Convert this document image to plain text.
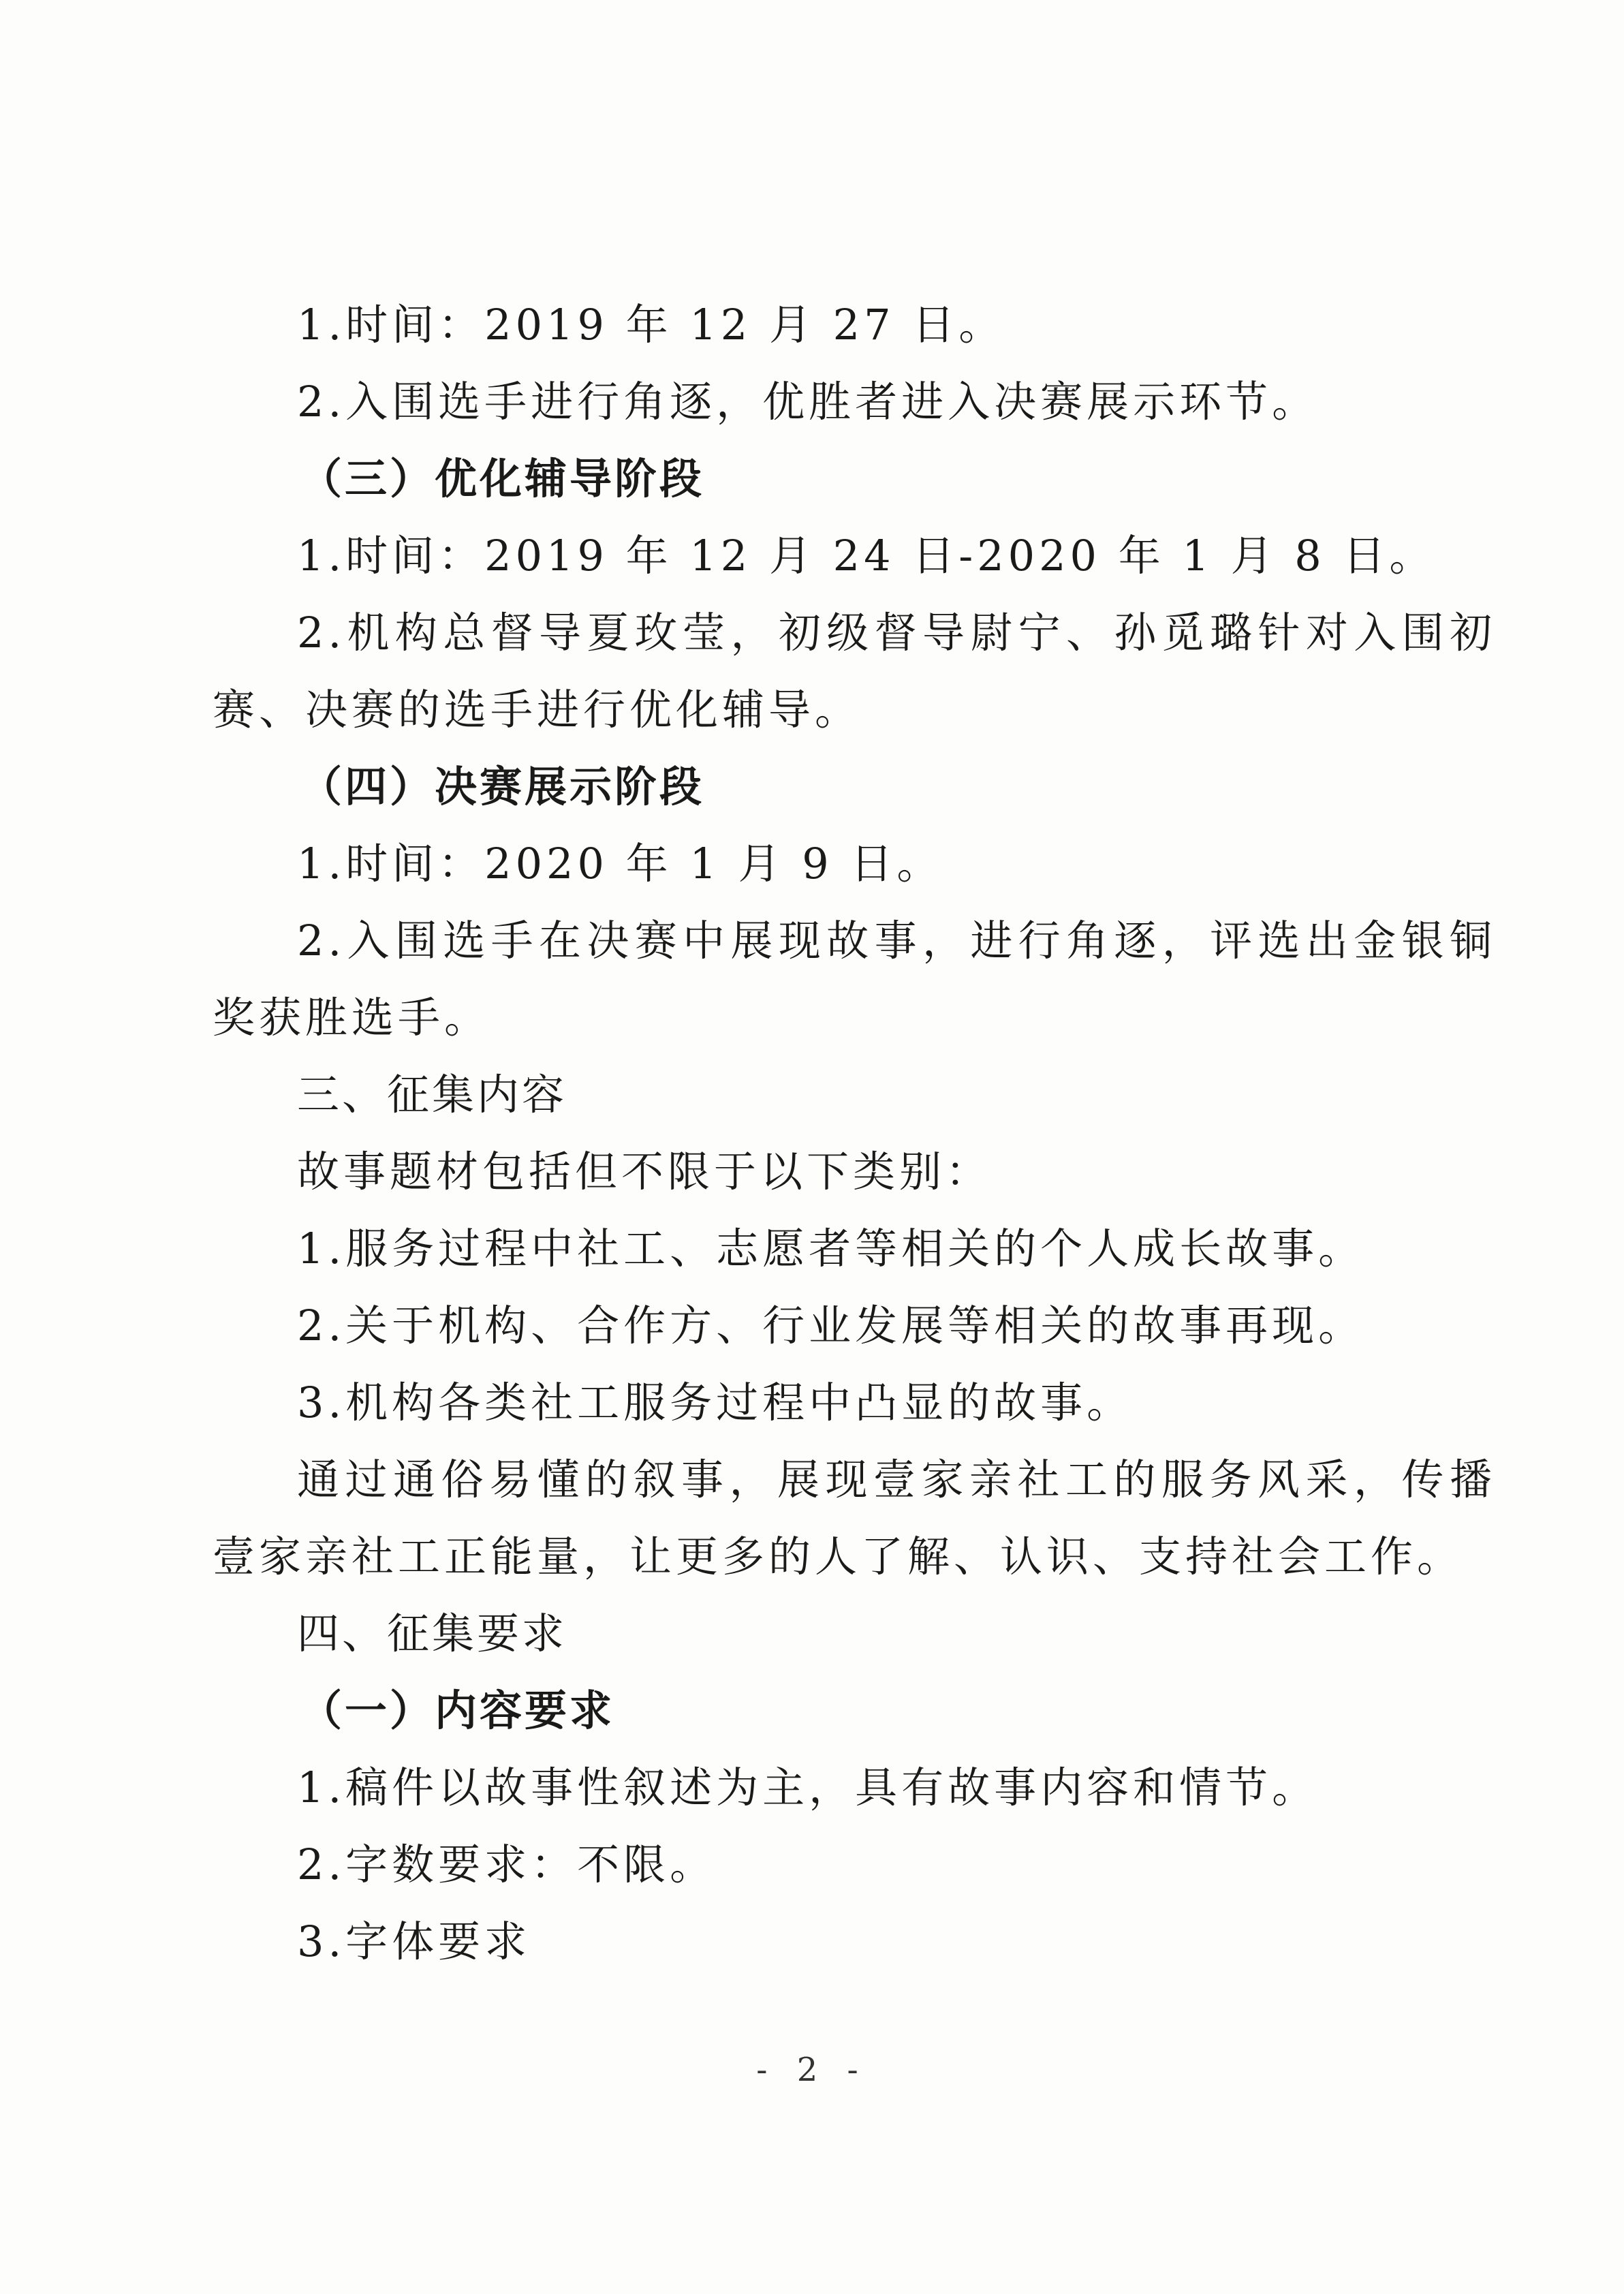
1.时间：2019 年 12 月 27 日。
2.入围选手进行角逐，优胜者进入决赛展示环节。
（三）优化辅导阶段
1.时间：2019 年 12 月 24 日-2020 年 1 月 8 日。
2.机构总督导夏玫莹，初级督导尉宁、孙觅璐针对入围初
赛、决赛的选手进行优化辅导。
（四）决赛展示阶段
1.时间：2020 年 1 月 9 日。
2.入围选手在决赛中展现故事，进行角逐，评选出金银铜
奖获胜选手。
三、征集内容
故事题材包括但不限于以下类别：
1.服务过程中社工、志愿者等相关的个人成长故事。
2.关于机构、合作方、行业发展等相关的故事再现。
3.机构各类社工服务过程中凸显的故事。
通过通俗易懂的叙事，展现壹家亲社工的服务风采，传播
壹家亲社工正能量，让更多的人了解、认识、支持社会工作。
四、征集要求
（一）内容要求
1.稿件以故事性叙述为主，具有故事内容和情节。
2.字数要求：不限。
3.字体要求
- 2 -
